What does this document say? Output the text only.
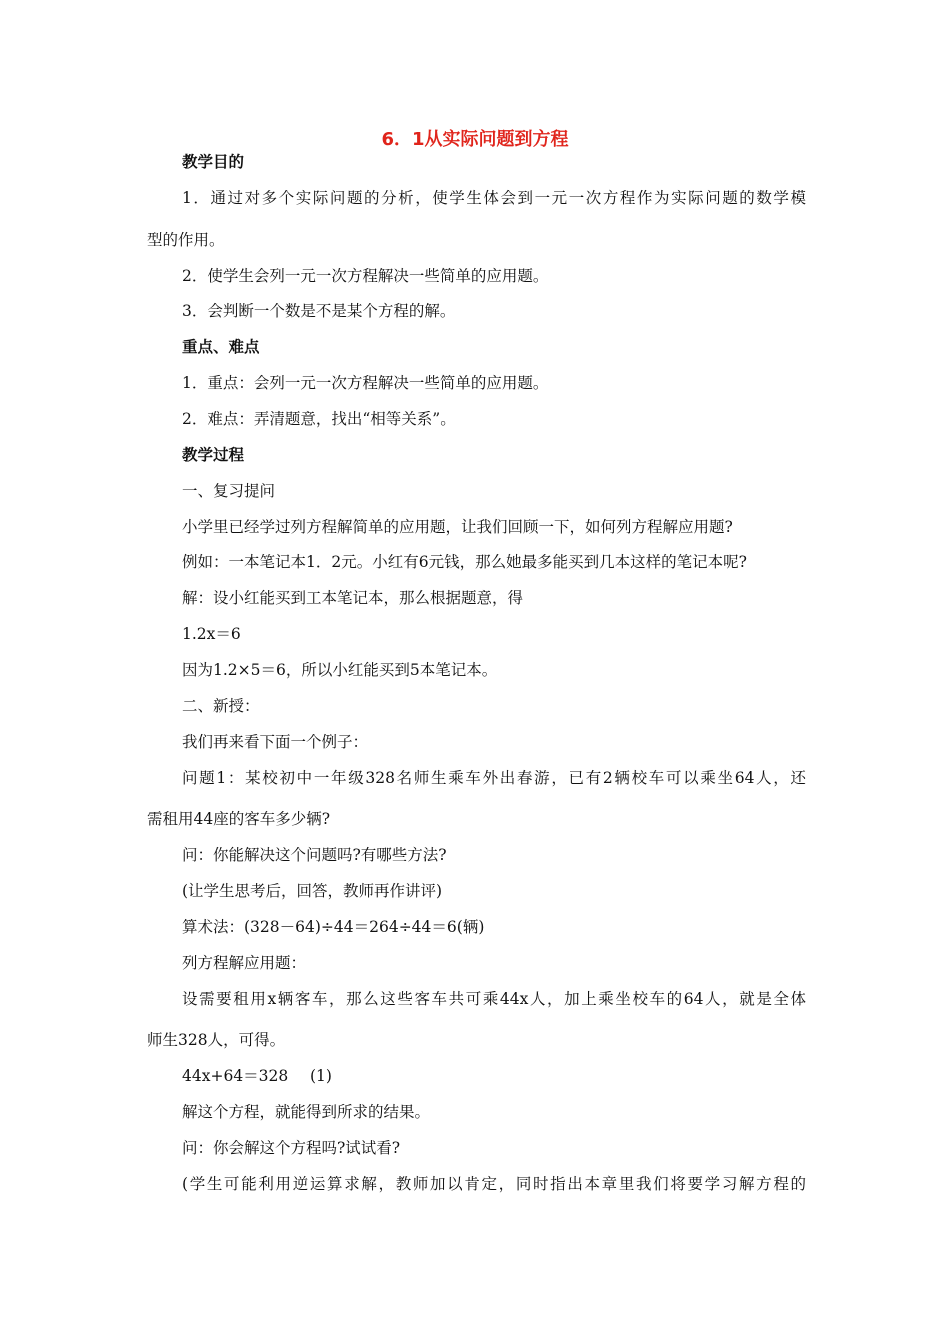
6．1从实际问题到方程
教学目的
1．通过对多个实际问题的分析，使学生体会到一元一次方程作为实际问题的数学模
型的作用。
2．使学生会列一元一次方程解决一些简单的应用题。
3．会判断一个数是不是某个方程的解。
重点、难点
1．重点：会列一元一次方程解决一些简单的应用题。
2．难点：弄清题意，找出“相等关系”。
教学过程
一、复习提问
小学里已经学过列方程解简单的应用题，让我们回顾一下，如何列方程解应用题?
例如：一本笔记本1．2元。小红有6元钱，那么她最多能买到几本这样的笔记本呢?
解：设小红能买到工本笔记本，那么根据题意，得
1.2x＝6
因为1.2×5＝6，所以小红能买到5本笔记本。
二、新授：
我们再来看下面一个例子：
问题1：某校初中一年级328名师生乘车外出春游，已有2辆校车可以乘坐64人，还
需租用44座的客车多少辆?
问：你能解决这个问题吗?有哪些方法?
(让学生思考后，回答，教师再作讲评)
算术法：(328－64)÷44＝264÷44＝6(辆)
列方程解应用题：
设需要租用x辆客车，那么这些客车共可乘44x人，加上乘坐校车的64人，就是全体
师生328人，可得。
44x+64＝328 (1)
解这个方程，就能得到所求的结果。
问：你会解这个方程吗?试试看?
(学生可能利用逆运算求解，教师加以肯定，同时指出本章里我们将要学习解方程的
